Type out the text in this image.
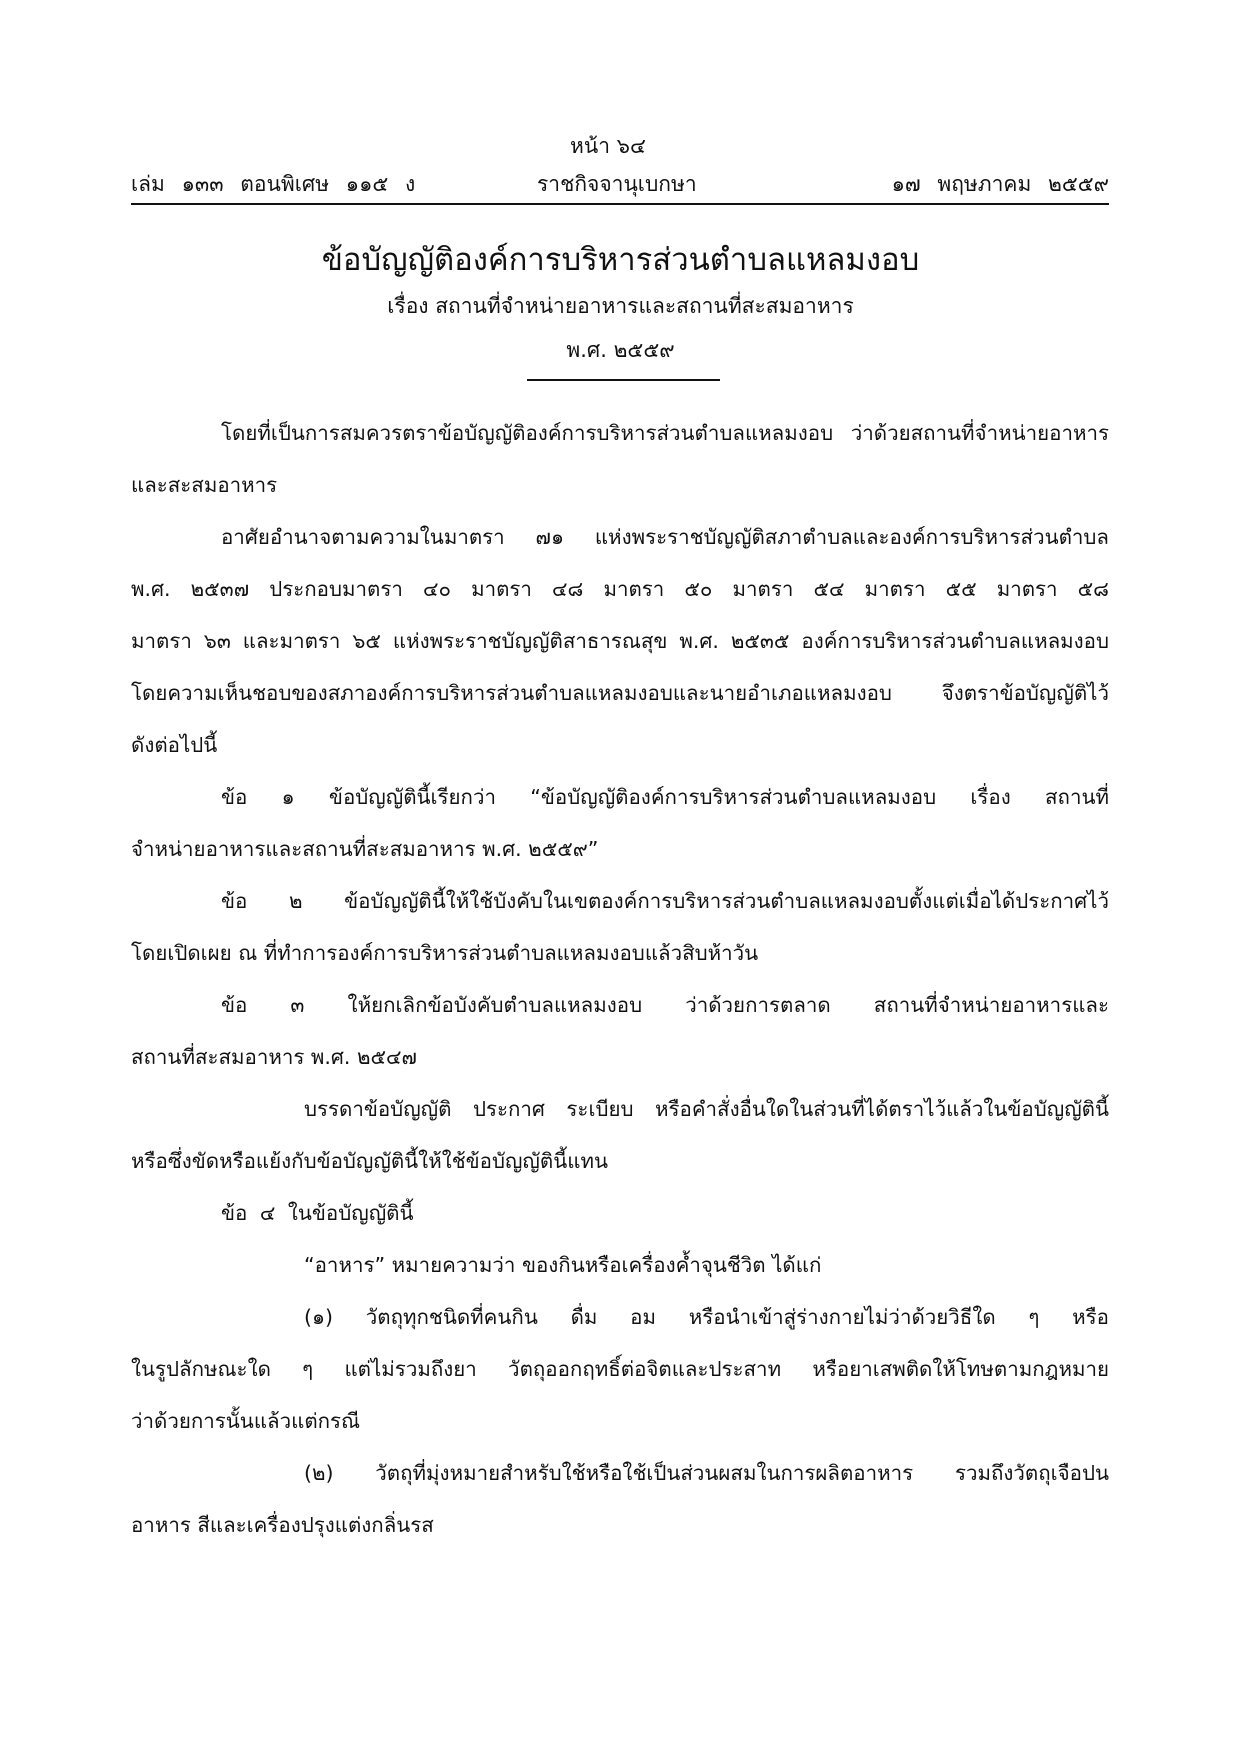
หน้า ๖๔
เล่ม ๑๓๓ ตอนพิเศษ ๑๑๕ ง	ราชกิจจานุเบกษา	๑๗ พฤษภาคม ๒๕๕๙
ข้อบัญญัติองค์การบริหารส่วนตำบลแหลมงอบ
เรื่อง สถานที่จำหน่ายอาหารและสถานที่สะสมอาหาร
พ.ศ. ๒๕๕๙
โดยที่เป็นการสมควรตราข้อบัญญัติองค์การบริหารส่วนตำบลแหลมงอบ ว่าด้วยสถานที่จำหน่ายอาหาร
และสะสมอาหาร
อาศัยอำนาจตามความในมาตรา ๗๑ แห่งพระราชบัญญัติสภาตำบลและองค์การบริหารส่วนตำบล
พ.ศ. ๒๕๓๗ ประกอบมาตรา ๔๐ มาตรา ๔๘ มาตรา ๕๐ มาตรา ๕๔ มาตรา ๕๕ มาตรา ๕๘
มาตรา ๖๓ และมาตรา ๖๕ แห่งพระราชบัญญัติสาธารณสุข พ.ศ. ๒๕๓๕ องค์การบริหารส่วนตำบลแหลมงอบ
โดยความเห็นชอบของสภาองค์การบริหารส่วนตำบลแหลมงอบและนายอำเภอแหลมงอบ จึงตราข้อบัญญัติไว้
ดังต่อไปนี้
ข้อ ๑ ข้อบัญญัตินี้เรียกว่า “ข้อบัญญัติองค์การบริหารส่วนตำบลแหลมงอบ เรื่อง สถานที่
จำหน่ายอาหารและสถานที่สะสมอาหาร พ.ศ. ๒๕๕๙”
ข้อ ๒ ข้อบัญญัตินี้ให้ใช้บังคับในเขตองค์การบริหารส่วนตำบลแหลมงอบตั้งแต่เมื่อได้ประกาศไว้
โดยเปิดเผย ณ ที่ทำการองค์การบริหารส่วนตำบลแหลมงอบแล้วสิบห้าวัน
ข้อ ๓ ให้ยกเลิกข้อบังคับตำบลแหลมงอบ ว่าด้วยการตลาด สถานที่จำหน่ายอาหารและ
สถานที่สะสมอาหาร พ.ศ. ๒๕๔๗
บรรดาข้อบัญญัติ ประกาศ ระเบียบ หรือคำสั่งอื่นใดในส่วนที่ได้ตราไว้แล้วในข้อบัญญัตินี้
หรือซึ่งขัดหรือแย้งกับข้อบัญญัตินี้ให้ใช้ข้อบัญญัตินี้แทน
ข้อ ๔ ในข้อบัญญัตินี้
“อาหาร” หมายความว่า ของกินหรือเครื่องค้ำจุนชีวิต ได้แก่
(๑) วัตถุทุกชนิดที่คนกิน ดื่ม อม หรือนำเข้าสู่ร่างกายไม่ว่าด้วยวิธีใด ๆ หรือ
ในรูปลักษณะใด ๆ แต่ไม่รวมถึงยา วัตถุออกฤทธิ์ต่อจิตและประสาท หรือยาเสพติดให้โทษตามกฎหมาย
ว่าด้วยการนั้นแล้วแต่กรณี
(๒) วัตถุที่มุ่งหมายสำหรับใช้หรือใช้เป็นส่วนผสมในการผลิตอาหาร รวมถึงวัตถุเจือปน
อาหาร สีและเครื่องปรุงแต่งกลิ่นรส
